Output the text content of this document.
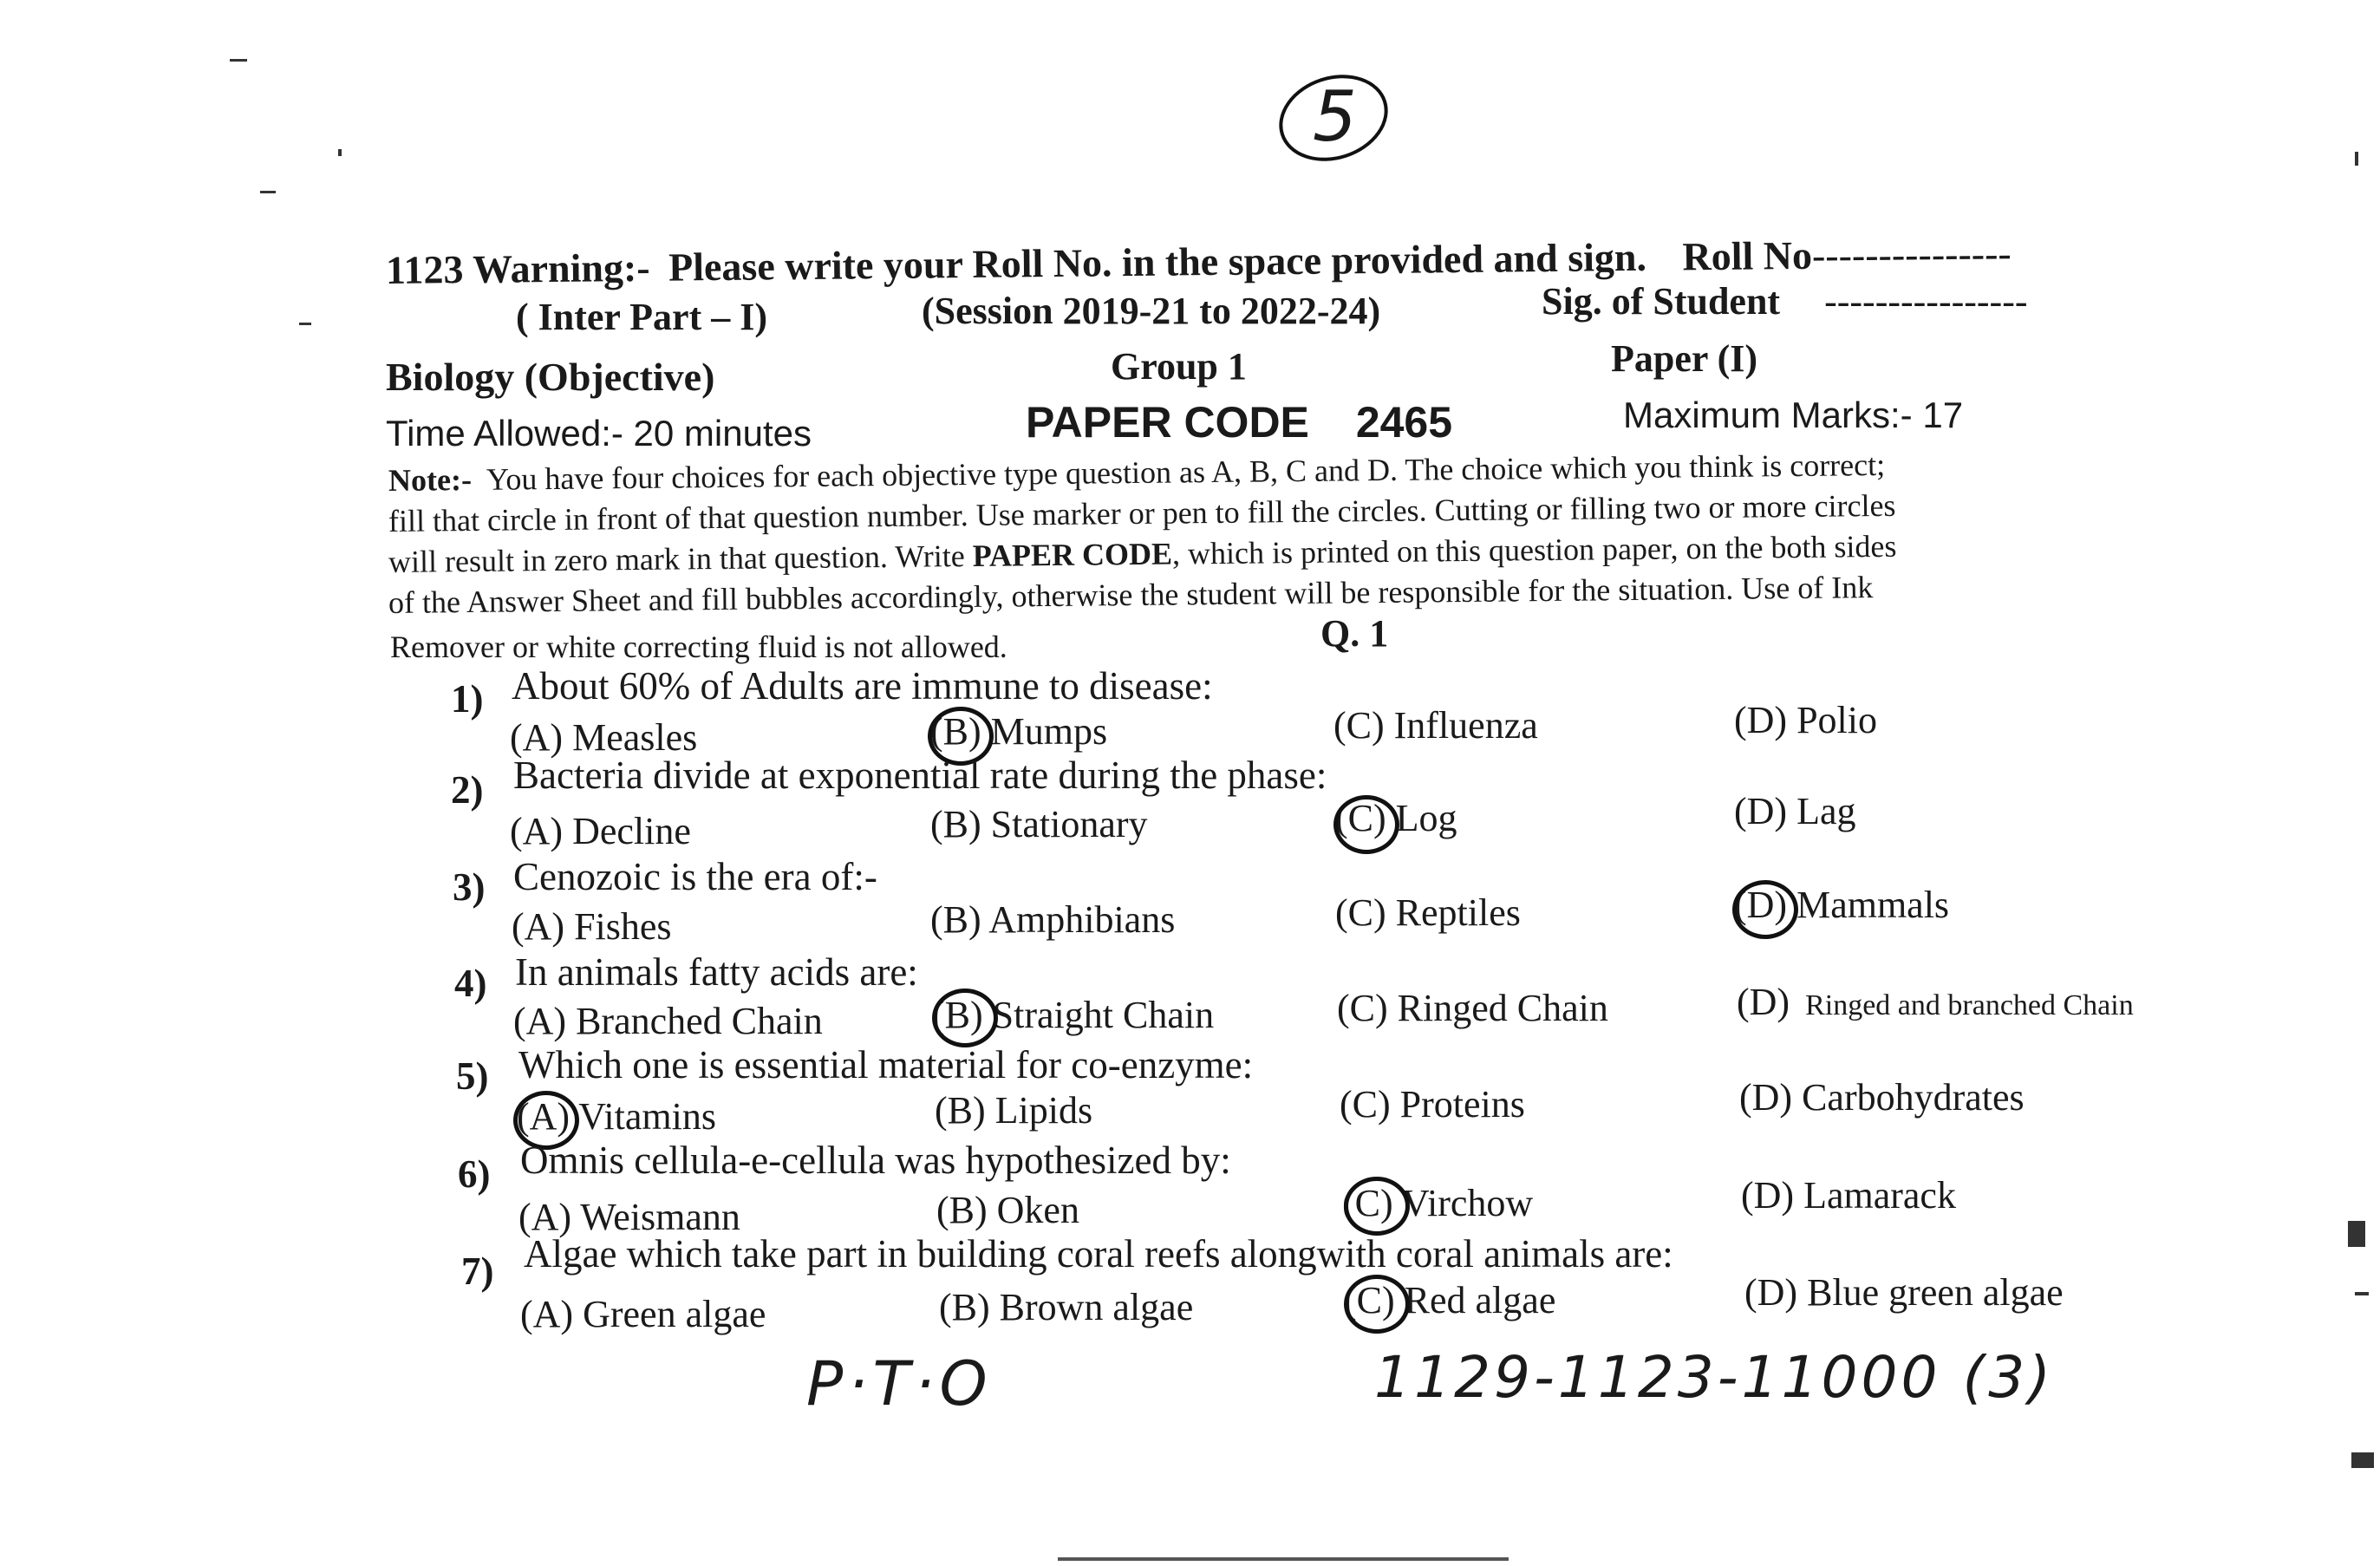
5
1123 Warning:- Please write your Roll No. in the space provided and sign. Roll No---------------
( Inter Part – I)	(Session 2019-21 to 2022-24)	Sig. of Student ----------------
Biology (Objective)	Group 1	Paper (I)
Time Allowed:- 20 minutes	PAPER CODE 2465	Maximum Marks:- 17
Note:- You have four choices for each objective type question as A, B, C and D. The choice which you think is correct;
fill that circle in front of that question number. Use marker or pen to fill the circles. Cutting or filling two or more circles
will result in zero mark in that question. Write PAPER CODE, which is printed on this question paper, on the both sides
of the Answer Sheet and fill bubbles accordingly, otherwise the student will be responsible for the situation. Use of Ink
Remover or white correcting fluid is not allowed.	Q. 1
1) About 60% of Adults are immune to disease:
(A) Measles	(B) Mumps	(C) Influenza	(D) Polio
2) Bacteria divide at exponential rate during the phase:
(A) Decline	(B) Stationary	(C) Log	(D) Lag
3) Cenozoic is the era of:-
(A) Fishes	(B) Amphibians	(C) Reptiles	(D) Mammals
4) In animals fatty acids are:
(A) Branched Chain	(B) Straight Chain	(C) Ringed Chain	(D) Ringed and branched Chain
5) Which one is essential material for co-enzyme:
(A) Vitamins	(B) Lipids	(C) Proteins	(D) Carbohydrates
6) Omnis cellula-e-cellula was hypothesized by:
(A) Weismann	(B) Oken	(C) Virchow	(D) Lamarack
7) Algae which take part in building coral reefs alongwith coral animals are:
(A) Green algae	(B) Brown algae	(C) Red algae	(D) Blue green algae
P·T·O	1129-1123-11000 (3)
